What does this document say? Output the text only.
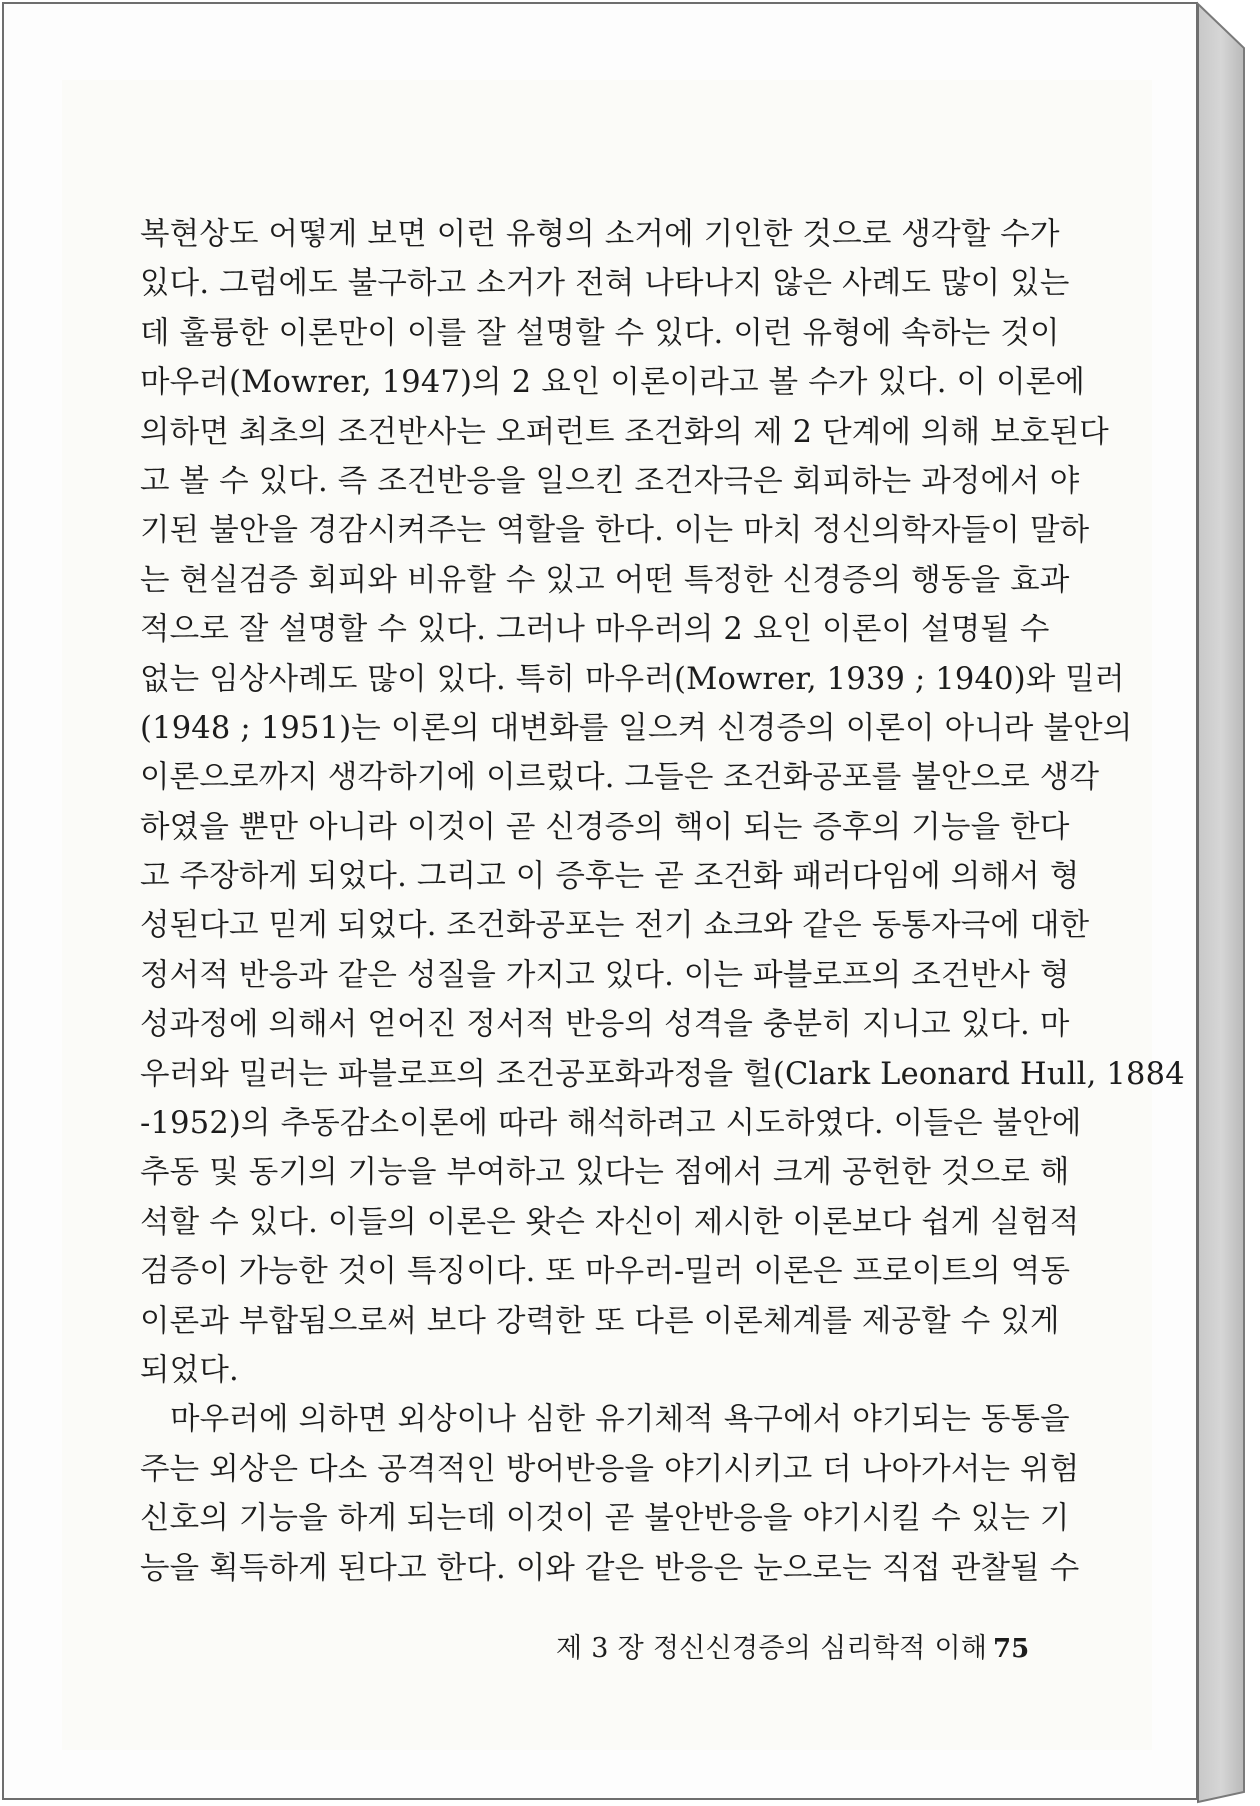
복현상도 어떻게 보면 이런 유형의 소거에 기인한 것으로 생각할 수가
있다. 그럼에도 불구하고 소거가 전혀 나타나지 않은 사례도 많이 있는
데 훌륭한 이론만이 이를 잘 설명할 수 있다. 이런 유형에 속하는 것이
마우러(Mowrer, 1947)의 2 요인 이론이라고 볼 수가 있다. 이 이론에
의하면 최초의 조건반사는 오퍼런트 조건화의 제 2 단계에 의해 보호된다
고 볼 수 있다. 즉 조건반응을 일으킨 조건자극은 회피하는 과정에서 야
기된 불안을 경감시켜주는 역할을 한다. 이는 마치 정신의학자들이 말하
는 현실검증 회피와 비유할 수 있고 어떤 특정한 신경증의 행동을 효과
적으로 잘 설명할 수 있다. 그러나 마우러의 2 요인 이론이 설명될 수
없는 임상사례도 많이 있다. 특히 마우러(Mowrer, 1939 ; 1940)와 밀러
(1948 ; 1951)는 이론의 대변화를 일으켜 신경증의 이론이 아니라 불안의
이론으로까지 생각하기에 이르렀다. 그들은 조건화공포를 불안으로 생각
하였을 뿐만 아니라 이것이 곧 신경증의 핵이 되는 증후의 기능을 한다
고 주장하게 되었다. 그리고 이 증후는 곧 조건화 패러다임에 의해서 형
성된다고 믿게 되었다. 조건화공포는 전기 쇼크와 같은 동통자극에 대한
정서적 반응과 같은 성질을 가지고 있다. 이는 파블로프의 조건반사 형
성과정에 의해서 얻어진 정서적 반응의 성격을 충분히 지니고 있다. 마
우러와 밀러는 파블로프의 조건공포화과정을 헐(Clark Leonard Hull, 1884
-1952)의 추동감소이론에 따라 해석하려고 시도하였다. 이들은 불안에
추동 및 동기의 기능을 부여하고 있다는 점에서 크게 공헌한 것으로 해
석할 수 있다. 이들의 이론은 왓슨 자신이 제시한 이론보다 쉽게 실험적
검증이 가능한 것이 특징이다. 또 마우러-밀러 이론은 프로이트의 역동
이론과 부합됨으로써 보다 강력한 또 다른 이론체계를 제공할 수 있게
되었다.
마우러에 의하면 외상이나 심한 유기체적 욕구에서 야기되는 동통을
주는 외상은 다소 공격적인 방어반응을 야기시키고 더 나아가서는 위험
신호의 기능을 하게 되는데 이것이 곧 불안반응을 야기시킬 수 있는 기
능을 획득하게 된다고 한다. 이와 같은 반응은 눈으로는 직접 관찰될 수
제 3 장 정신신경증의 심리학적 이해 75
